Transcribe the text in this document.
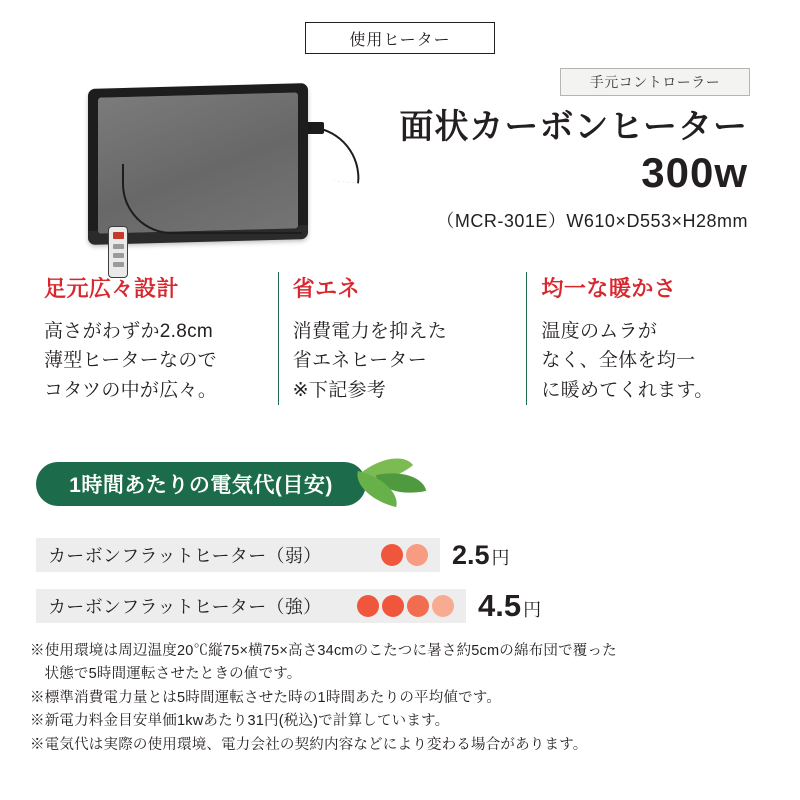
使用ヒーター
手元コントローラー
面状カーボンヒーター
300w
（MCR-301E）W610×D553×H28mm
足元広々設計

高さがわずか2.8cm
薄型ヒーターなので
コタツの中が広々。

省エネ

消費電力を抑えた
省エネヒーター
※下記参考

均一な暖かさ

温度のムラが
なく、全体を均一
に暖めてくれます。

1時間あたりの電気代(目安)
カーボンフラットヒーター（弱）	2.5 円
カーボンフラットヒーター（強）	4.5 円

※使用環境は周辺温度20℃縦75×横75×高さ34cmのこたつに暑さ約5cmの綿布団で覆った

状態で5時間運転させたときの値です。

※標準消費電力量とは5時間運転させた時の1時間あたりの平均値です。

※新電力料金目安単価1kwあたり31円(税込)で計算しています。

※電気代は実際の使用環境、電力会社の契約内容などにより変わる場合があります。
